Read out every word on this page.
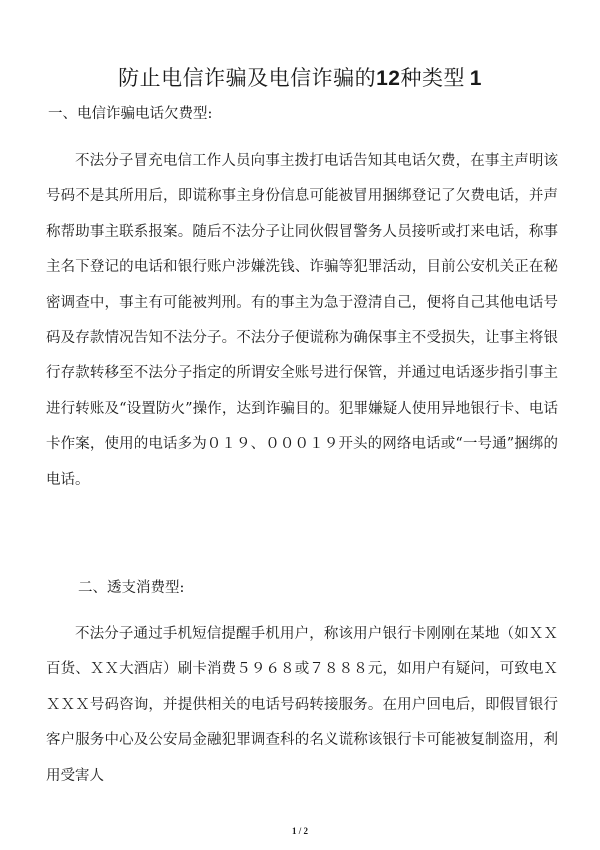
防止电信诈骗及电信诈骗的12种类型  1
一、电信诈骗电话欠费型:

不法分子冒充电信工作人员向事主拨打电话告知其电话欠费，在事主声明该号码不是其所用后，即谎称事主身份信息可能被冒用捆绑登记了欠费电话，并声称帮助事主联系报案。随后不法分子让同伙假冒警务人员接听或打来电话，称事主名下登记的电话和银行账户涉嫌洗钱、诈骗等犯罪活动，目前公安机关正在秘密调查中，事主有可能被判刑。有的事主为急于澄清自己，便将自己其他电话号码及存款情况告知不法分子。不法分子便谎称为确保事主不受损失，让事主将银行存款转移至不法分子指定的所谓安全账号进行保管，并通过电话逐步指引事主进行转账及“设置防火”操作，达到诈骗目的。犯罪嫌疑人使用异地银行卡、电话卡作案，使用的电话多为０１９、０００１９开头的网络电话或“一号通”捆绑的电话。

二、透支消费型:

不法分子通过手机短信提醒手机用户，称该用户银行卡刚刚在某地（如ＸＸ百货、ＸＸ大酒店）刷卡消费５９６８或７８８８元，如用户有疑问，可致电ＸＸＸＸ号码咨询，并提供相关的电话号码转接服务。在用户回电后，即假冒银行客户服务中心及公安局金融犯罪调查科的名义谎称该银行卡可能被复制盗用，利用受害人

1 / 2
